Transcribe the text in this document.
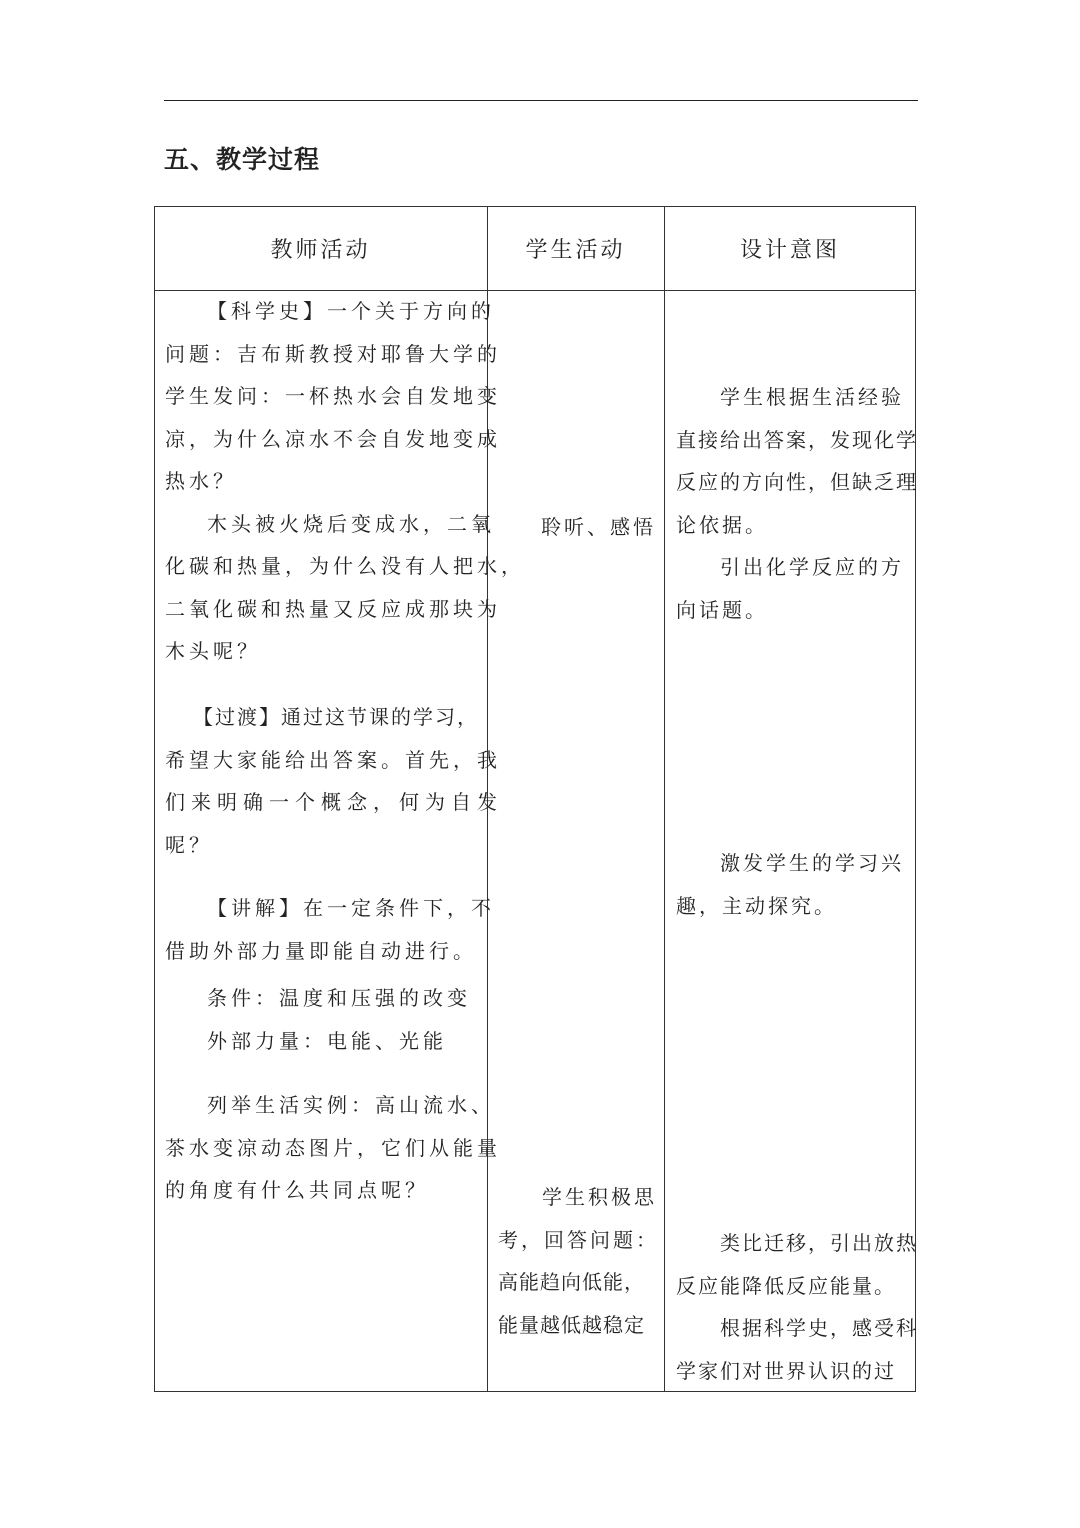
五、教学过程
教师活动	学生活动	设计意图
【科学史】一个关于方向的
问题：吉布斯教授对耶鲁大学的
学生发问：一杯热水会自发地变
凉，为什么凉水不会自发地变成
热水？
木头被火烧后变成水，二氧
化碳和热量，为什么没有人把水，
二氧化碳和热量又反应成那块为
木头呢？
【过渡】通过这节课的学习，
希望大家能给出答案。首先，我
们来明确一个概念，何为自发
呢？
【讲解】在一定条件下，不
借助外部力量即能自动进行。
条件：温度和压强的改变
外部力量：电能、光能
列举生活实例：高山流水、
茶水变凉动态图片，它们从能量
的角度有什么共同点呢？
聆听、感悟
学生积极思
考，回答问题：
高能趋向低能，
能量越低越稳定
学生根据生活经验
直接给出答案，发现化学
反应的方向性，但缺乏理
论依据。
引出化学反应的方
向话题。
激发学生的学习兴
趣，主动探究。
类比迁移，引出放热
反应能降低反应能量。
根据科学史，感受科
学家们对世界认识的过
